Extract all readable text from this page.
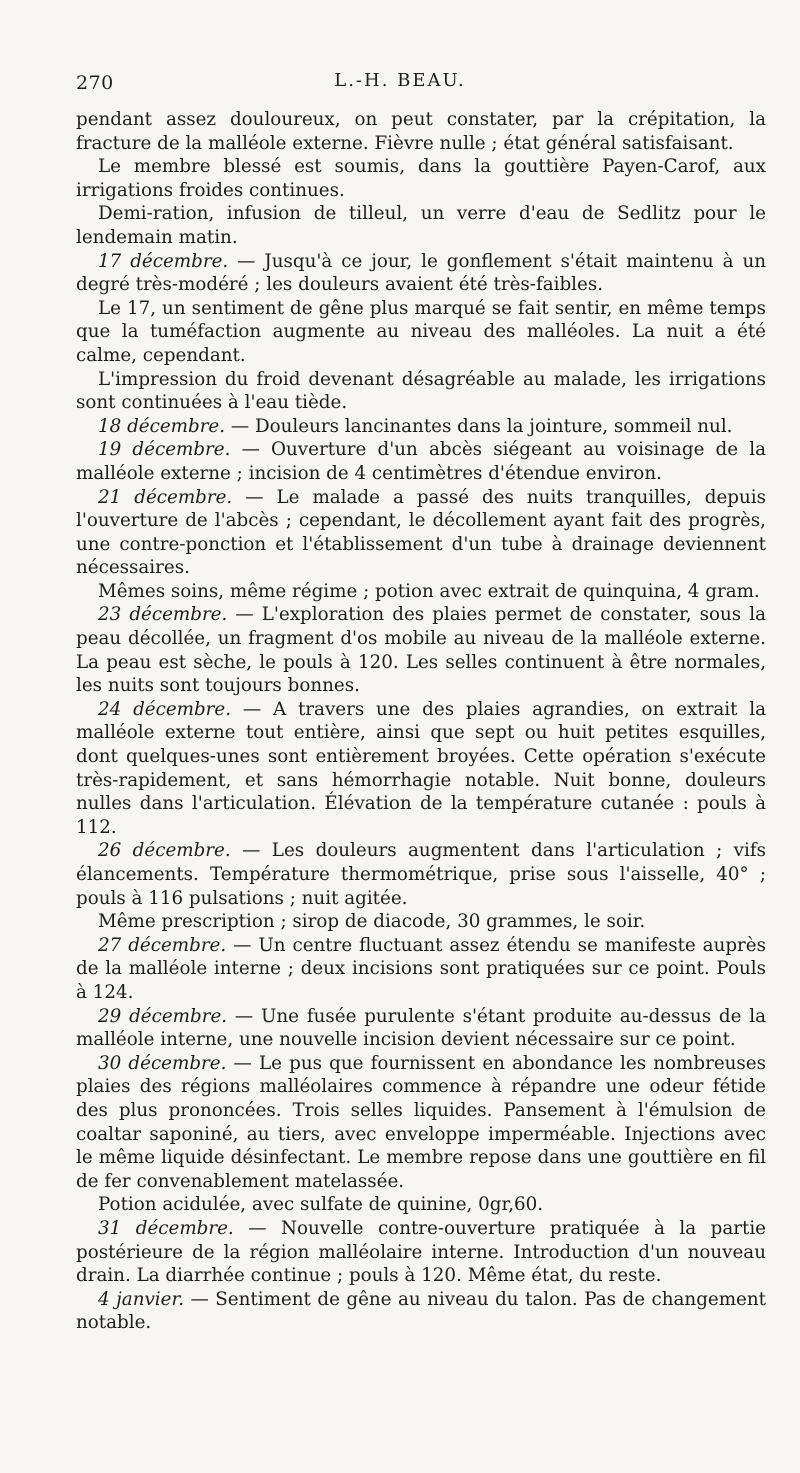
270	L.-H. BEAU.

pendant assez douloureux, on peut constater, par la crépitation, la fracture de la malléole externe. Fièvre nulle ; état général satisfaisant.

Le membre blessé est soumis, dans la gouttière Payen-Carof, aux irrigations froides continues.

Demi-ration, infusion de tilleul, un verre d'eau de Sedlitz pour le lendemain matin.

17 décembre. — Jusqu'à ce jour, le gonflement s'était maintenu à un degré très-modéré ; les douleurs avaient été très-faibles.

Le 17, un sentiment de gêne plus marqué se fait sentir, en même temps que la tuméfaction augmente au niveau des malléoles. La nuit a été calme, cependant.

L'impression du froid devenant désagréable au malade, les irrigations sont continuées à l'eau tiède.

18 décembre. — Douleurs lancinantes dans la jointure, sommeil nul.

19 décembre. — Ouverture d'un abcès siégeant au voisinage de la malléole externe ; incision de 4 centimètres d'étendue environ.

21 décembre. — Le malade a passé des nuits tranquilles, depuis l'ouverture de l'abcès ; cependant, le décollement ayant fait des progrès, une contre-ponction et l'établissement d'un tube à drainage deviennent nécessaires.

Mêmes soins, même régime ; potion avec extrait de quinquina, 4 gram.

23 décembre. — L'exploration des plaies permet de constater, sous la peau décollée, un fragment d'os mobile au niveau de la malléole externe. La peau est sèche, le pouls à 120. Les selles continuent à être normales, les nuits sont toujours bonnes.

24 décembre. — A travers une des plaies agrandies, on extrait la malléole externe tout entière, ainsi que sept ou huit petites esquilles, dont quelques-unes sont entièrement broyées. Cette opération s'exécute très-rapidement, et sans hémorrhagie notable. Nuit bonne, douleurs nulles dans l'articulation. Élévation de la température cutanée : pouls à 112.

26 décembre. — Les douleurs augmentent dans l'articulation ; vifs élancements. Température thermométrique, prise sous l'aisselle, 40° ; pouls à 116 pulsations ; nuit agitée.

Même prescription ; sirop de diacode, 30 grammes, le soir.

27 décembre. — Un centre fluctuant assez étendu se manifeste auprès de la malléole interne ; deux incisions sont pratiquées sur ce point. Pouls à 124.

29 décembre. — Une fusée purulente s'étant produite au-dessus de la malléole interne, une nouvelle incision devient nécessaire sur ce point.

30 décembre. — Le pus que fournissent en abondance les nombreuses plaies des régions malléolaires commence à répandre une odeur fétide des plus prononcées. Trois selles liquides. Pansement à l'émulsion de coaltar saponiné, au tiers, avec enveloppe imperméable. Injections avec le même liquide désinfectant. Le membre repose dans une gouttière en fil de fer convenablement matelassée.

Potion acidulée, avec sulfate de quinine, 0gr,60.

31 décembre. — Nouvelle contre-ouverture pratiquée à la partie postérieure de la région malléolaire interne. Introduction d'un nouveau drain. La diarrhée continue ; pouls à 120. Même état, du reste.

4 janvier. — Sentiment de gêne au niveau du talon. Pas de changement notable.
